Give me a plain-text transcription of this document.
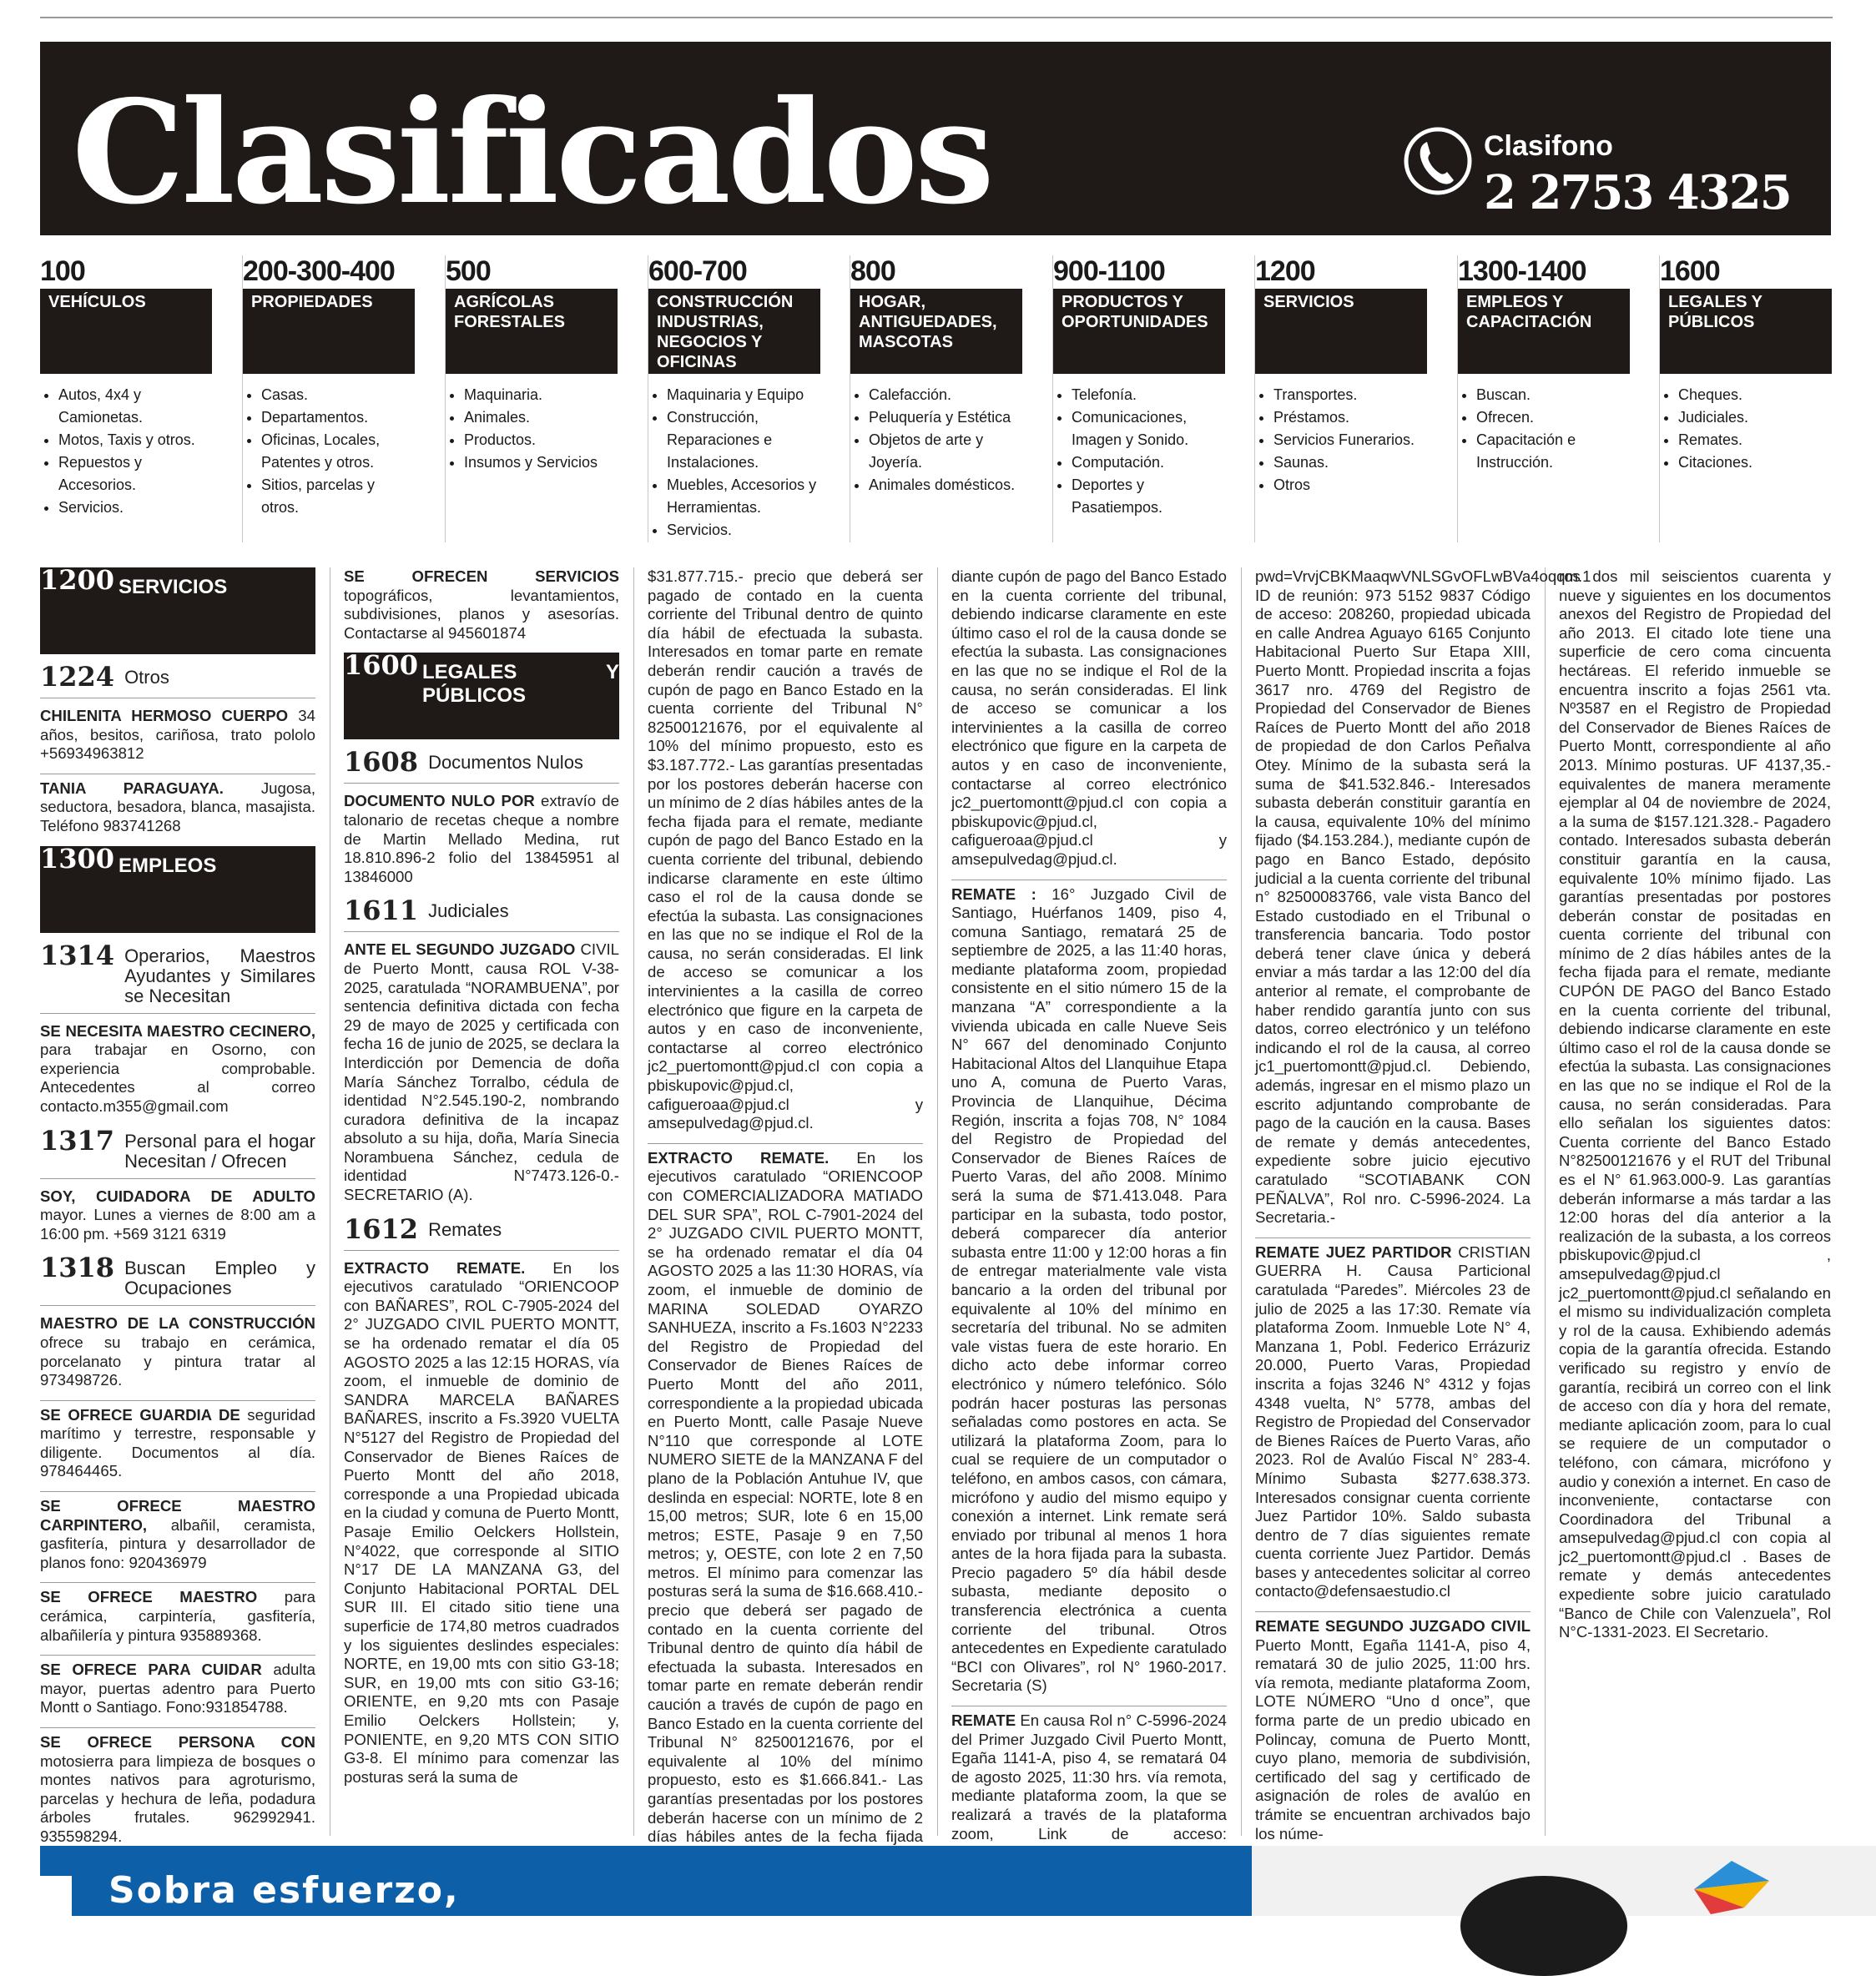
Clasificados	Clasifono
2 2753 4325
100
VEHÍCULOS
• Autos, 4x4 y Camionetas.
• Motos, Taxis y otros.
• Repuestos y Accesorios.
• Servicios.
200-300-400
PROPIEDADES
• Casas.
• Departamentos.
• Oficinas, Locales, Patentes y otros.
• Sitios, parcelas y otros.
500
AGRÍCOLAS FORESTALES
• Maquinaria.
• Animales.
• Productos.
• Insumos y Servicios
600-700
CONSTRUCCIÓN INDUSTRIAS, NEGOCIOS Y OFICINAS
• Maquinaria y Equipo
• Construcción, Reparaciones e Instalaciones.
• Muebles, Accesorios y Herramientas.
• Servicios.
800
HOGAR, ANTIGUEDADES, MASCOTAS
• Calefacción.
• Peluquería y Estética
• Objetos de arte y Joyería.
• Animales domésticos.
900-1100
PRODUCTOS Y OPORTUNIDADES
• Telefonía.
• Comunicaciones, Imagen y Sonido.
• Computación.
• Deportes y Pasatiempos.
1200
SERVICIOS
• Transportes.
• Préstamos.
• Servicios Funerarios.
• Saunas.
• Otros
1300-1400
EMPLEOS Y CAPACITACIÓN
• Buscan.
• Ofrecen.
• Capacitación e Instrucción.
1600
LEGALES Y PÚBLICOS
• Cheques.
• Judiciales.
• Remates.
• Citaciones.
1200 SERVICIOS
1224 Otros

CHILENITA HERMOSO CUERPO 34 años, besitos, cariñosa, trato pololo +56934963812

TANIA PARAGUAYA. Jugosa, seductora, besadora, blanca, masajista. Teléfono 983741268

1300 EMPLEOS
1314 Operarios, Maestros Ayudantes y Similares se Necesitan

SE NECESITA MAESTRO CECINERO, para trabajar en Osorno, con experiencia comprobable. Antecedentes al correo contacto.m355@gmail.com

1317 Personal para el hogar Necesitan / Ofrecen

SOY, CUIDADORA DE ADULTO mayor. Lunes a viernes de 8:00 am a 16:00 pm. +569 3121 6319

1318 Buscan Empleo y Ocupaciones

MAESTRO DE LA CONSTRUCCIÓN ofrece su trabajo en cerámica, porcelanato y pintura tratar al 973498726.

SE OFRECE GUARDIA DE seguridad marítimo y terrestre, responsable y diligente. Documentos al día. 978464465.

SE OFRECE MAESTRO CARPINTERO, albañil, ceramista, gasfitería, pintura y desarrollador de planos fono: 920436979

SE OFRECE MAESTRO para cerámica, carpintería, gasfitería, albañilería y pintura 935889368.

SE OFRECE PARA CUIDAR adulta mayor, puertas adentro para Puerto Montt o Santiago. Fono:931854788.

SE OFRECE PERSONA CON motosierra para limpieza de bosques o montes nativos para agroturismo, parcelas y hechura de leña, podadura árboles frutales. 962992941. 935598294.

SE OFRECEN SERVICIOS topográficos, levantamientos, subdivisiones, planos y asesorías. Contactarse al 945601874

1600 LEGALES Y PÚBLICOS
1608 Documentos Nulos

DOCUMENTO NULO POR extravío de talonario de recetas cheque a nombre de Martin Mellado Medina, rut 18.810.896-2 folio del 13845951 al 13846000

1611 Judiciales

ANTE EL SEGUNDO JUZGADO CIVIL de Puerto Montt, causa ROL V-38-2025, caratulada “NORAMBUENA”, por sentencia definitiva dictada con fecha 29 de mayo de 2025 y certificada con fecha 16 de junio de 2025, se declara la Interdicción por Demencia de doña María Sánchez Torralbo, cédula de identidad N°2.545.190-2, nombrando curadora definitiva de la incapaz absoluto a su hija, doña, María Sinecia Norambuena Sánchez, cedula de identidad N°7473.126-0.- SECRETARIO (A).

1612 Remates

EXTRACTO REMATE. En los ejecutivos caratulado “ORIENCOOP con BAÑARES”, ROL C-7905-2024 del 2° JUZGADO CIVIL PUERTO MONTT, se ha ordenado rematar el día 05 AGOSTO 2025 a las 12:15 HORAS, vía zoom, el inmueble de dominio de SANDRA MARCELA BAÑARES BAÑARES, inscrito a Fs.3920 VUELTA N°5127 del Registro de Propiedad del Conservador de Bienes Raíces de Puerto Montt del año 2018, corresponde a una Propiedad ubicada en la ciudad y comuna de Puerto Montt, Pasaje Emilio Oelckers Hollstein, N°4022, que corresponde al SITIO N°17 DE LA MANZANA G3, del Conjunto Habitacional PORTAL DEL SUR III. El citado sitio tiene una superficie de 174,80 metros cuadrados y los siguientes deslindes especiales: NORTE, en 19,00 mts con sitio G3-18; SUR, en 19,00 mts con sitio G3-16; ORIENTE, en 9,20 mts con Pasaje Emilio Oelckers Hollstein; y, PONIENTE, en 9,20 MTS CON SITIO G3-8. El mínimo para comenzar las posturas será la suma de

$31.877.715.- precio que deberá ser pagado de contado en la cuenta corriente del Tribunal dentro de quinto día hábil de efectuada la subasta. Interesados en tomar parte en remate deberán rendir caución a través de cupón de pago en Banco Estado en la cuenta corriente del Tribunal N° 82500121676, por el equivalente al 10% del mínimo propuesto, esto es $3.187.772.- Las garantías presentadas por los postores deberán hacerse con un mínimo de 2 días hábiles antes de la fecha fijada para el remate, mediante cupón de pago del Banco Estado en la cuenta corriente del tribunal, debiendo indicarse claramente en este último caso el rol de la causa donde se efectúa la subasta. Las consignaciones en las que no se indique el Rol de la causa, no serán consideradas. El link de acceso se comunicar a los intervinientes a la casilla de correo electrónico que figure en la carpeta de autos y en caso de inconveniente, contactarse al correo electrónico jc2_puertomontt@pjud.cl con copia a pbiskupovic@pjud.cl, cafigueroaa@pjud.cl y amsepulvedag@pjud.cl.

EXTRACTO REMATE. En los ejecutivos caratulado “ORIENCOOP con COMERCIALIZADORA MATIADO DEL SUR SPA”, ROL C-7901-2024 del 2° JUZGADO CIVIL PUERTO MONTT, se ha ordenado rematar el día 04 AGOSTO 2025 a las 11:30 HORAS, vía zoom, el inmueble de dominio de MARINA SOLEDAD OYARZO SANHUEZA, inscrito a Fs.1603 N°2233 del Registro de Propiedad del Conservador de Bienes Raíces de Puerto Montt del año 2011, correspondiente a la propiedad ubicada en Puerto Montt, calle Pasaje Nueve N°110 que corresponde al LOTE NUMERO SIETE de la MANZANA F del plano de la Población Antuhue IV, que deslinda en especial: NORTE, lote 8 en 15,00 metros; SUR, lote 6 en 15,00 metros; ESTE, Pasaje 9 en 7,50 metros; y, OESTE, con lote 2 en 7,50 metros. El mínimo para comenzar las posturas será la suma de $16.668.410.- precio que deberá ser pagado de contado en la cuenta corriente del Tribunal dentro de quinto día hábil de efectuada la subasta. Interesados en tomar parte en remate deberán rendir caución a través de cupón de pago en Banco Estado en la cuenta corriente del Tribunal N° 82500121676, por el equivalente al 10% del mínimo propuesto, esto es $1.666.841.- Las garantías presentadas por los postores deberán hacerse con un mínimo de 2 días hábiles antes de la fecha fijada

diante cupón de pago del Banco Estado en la cuenta corriente del tribunal, debiendo indicarse claramente en este último caso el rol de la causa donde se efectúa la subasta. Las consignaciones en las que no se indique el Rol de la causa, no serán consideradas. El link de acceso se comunicar a los intervinientes a la casilla de correo electrónico que figure en la carpeta de autos y en caso de inconveniente, contactarse al correo electrónico jc2_puertomontt@pjud.cl con copia a pbiskupovic@pjud.cl, cafigueroaa@pjud.cl y amsepulvedag@pjud.cl.

REMATE : 16° Juzgado Civil de Santiago, Huérfanos 1409, piso 4, comuna Santiago, rematará 25 de septiembre de 2025, a las 11:40 horas, mediante plataforma zoom, propiedad consistente en el sitio número 15 de la manzana “A” correspondiente a la vivienda ubicada en calle Nueve Seis N° 667 del denominado Conjunto Habitacional Altos del Llanquihue Etapa uno A, comuna de Puerto Varas, Provincia de Llanquihue, Décima Región, inscrita a fojas 708, N° 1084 del Registro de Propiedad del Conservador de Bienes Raíces de Puerto Varas, del año 2008. Mínimo será la suma de $71.413.048. Para participar en la subasta, todo postor, deberá comparecer día anterior subasta entre 11:00 y 12:00 horas a fin de entregar materialmente vale vista bancario a la orden del tribunal por equivalente al 10% del mínimo en secretaría del tribunal. No se admiten vale vistas fuera de este horario. En dicho acto debe informar correo electrónico y número telefónico. Sólo podrán hacer posturas las personas señaladas como postores en acta. Se utilizará la plataforma Zoom, para lo cual se requiere de un computador o teléfono, en ambos casos, con cámara, micrófono y audio del mismo equipo y conexión a internet. Link remate será enviado por tribunal al menos 1 hora antes de la hora fijada para la subasta. Precio pagadero 5º día hábil desde subasta, mediante deposito o transferencia electrónica a cuenta corriente del tribunal. Otros antecedentes en Expediente caratulado “BCI con Olivares”, rol N° 1960-2017. Secretaria (S)

REMATE En causa Rol n° C-5996-2024 del Primer Juzgado Civil Puerto Montt, Egaña 1141-A, piso 4, se rematará 04 de agosto 2025, 11:30 hrs. vía remota, mediante plataforma zoom, la que se realizará a través de la plataforma zoom, Link de acceso:

pwd=VrvjCBKMaaqwVNLSGvOFLwBVa4oqqm.1 ID de reunión: 973 5152 9837 Código de acceso: 208260, propiedad ubicada en calle Andrea Aguayo 6165 Conjunto Habitacional Puerto Sur Etapa XIII, Puerto Montt. Propiedad inscrita a fojas 3617 nro. 4769 del Registro de Propiedad del Conservador de Bienes Raíces de Puerto Montt del año 2018 de propiedad de don Carlos Peñalva Otey. Mínimo de la subasta será la suma de $41.532.846.- Interesados subasta deberán constituir garantía en la causa, equivalente 10% del mínimo fijado ($4.153.284.), mediante cupón de pago en Banco Estado, depósito judicial a la cuenta corriente del tribunal n° 82500083766, vale vista Banco del Estado custodiado en el Tribunal o transferencia bancaria. Todo postor deberá tener clave única y deberá enviar a más tardar a las 12:00 del día anterior al remate, el comprobante de haber rendido garantía junto con sus datos, correo electrónico y un teléfono indicando el rol de la causa, al correo jc1_puertomontt@pjud.cl. Debiendo, además, ingresar en el mismo plazo un escrito adjuntando comprobante de pago de la caución en la causa. Bases de remate y demás antecedentes, expediente sobre juicio ejecutivo caratulado “SCOTIABANK CON PEÑALVA”, Rol nro. C-5996-2024. La Secretaria.-

REMATE JUEZ PARTIDOR CRISTIAN GUERRA H. Causa Particional caratulada “Paredes”. Miércoles 23 de julio de 2025 a las 17:30. Remate vía plataforma Zoom. Inmueble Lote N° 4, Manzana 1, Pobl. Federico Errázuriz 20.000, Puerto Varas, Propiedad inscrita a fojas 3246 N° 4312 y fojas 4348 vuelta, N° 5778, ambas del Registro de Propiedad del Conservador de Bienes Raíces de Puerto Varas, año 2023. Rol de Avalúo Fiscal N° 283-4. Mínimo Subasta $277.638.373. Interesados consignar cuenta corriente Juez Partidor 10%. Saldo subasta dentro de 7 días siguientes remate cuenta corriente Juez Partidor. Demás bases y antecedentes solicitar al correo contacto@defensaestudio.cl

REMATE SEGUNDO JUZGADO CIVIL Puerto Montt, Egaña 1141-A, piso 4, rematará 30 de julio 2025, 11:00 hrs. vía remota, mediante plataforma Zoom, LOTE NÚMERO “Uno d once”, que forma parte de un predio ubicado en Polincay, comuna de Puerto Montt, cuyo plano, memoria de subdivisión, certificado del sag y certificado de asignación de roles de avalúo en trámite se encuentran archivados bajo los núme-

ros dos mil seiscientos cuarenta y nueve y siguientes en los documentos anexos del Registro de Propiedad del año 2013. El citado lote tiene una superficie de cero coma cincuenta hectáreas. El referido inmueble se encuentra inscrito a fojas 2561 vta. Nº3587 en el Registro de Propiedad del Conservador de Bienes Raíces de Puerto Montt, correspondiente al año 2013. Mínimo posturas. UF 4137,35.- equivalentes de manera meramente ejemplar al 04 de noviembre de 2024, a la suma de $157.121.328.- Pagadero contado. Interesados subasta deberán constituir garantía en la causa, equivalente 10% mínimo fijado. Las garantías presentadas por postores deberán constar de positadas en cuenta corriente del tribunal con mínimo de 2 días hábiles antes de la fecha fijada para el remate, mediante CUPÓN DE PAGO del Banco Estado en la cuenta corriente del tribunal, debiendo indicarse claramente en este último caso el rol de la causa donde se efectúa la subasta. Las consignaciones en las que no se indique el Rol de la causa, no serán consideradas. Para ello señalan los siguientes datos: Cuenta corriente del Banco Estado N°82500121676 y el RUT del Tribunal es el N° 61.963.000-9. Las garantías deberán informarse a más tardar a las 12:00 horas del día anterior a la realización de la subasta, a los correos pbiskupovic@pjud.cl , amsepulvedag@pjud.cl jc2_puertomontt@pjud.cl señalando en el mismo su individualización completa y rol de la causa. Exhibiendo además copia de la garantía ofrecida. Estando verificado su registro y envío de garantía, recibirá un correo con el link de acceso con día y hora del remate, mediante aplicación zoom, para lo cual se requiere de un computador o teléfono, con cámara, micrófono y audio y conexión a internet. En caso de inconveniente, contactarse con Coordinadora del Tribunal a amsepulvedag@pjud.cl con copia al jc2_puertomontt@pjud.cl . Bases de remate y demás antecedentes expediente sobre juicio caratulado “Banco de Chile con Valenzuela”, Rol N°C-1331-2023. El Secretario.

Sobra esfuerzo,
